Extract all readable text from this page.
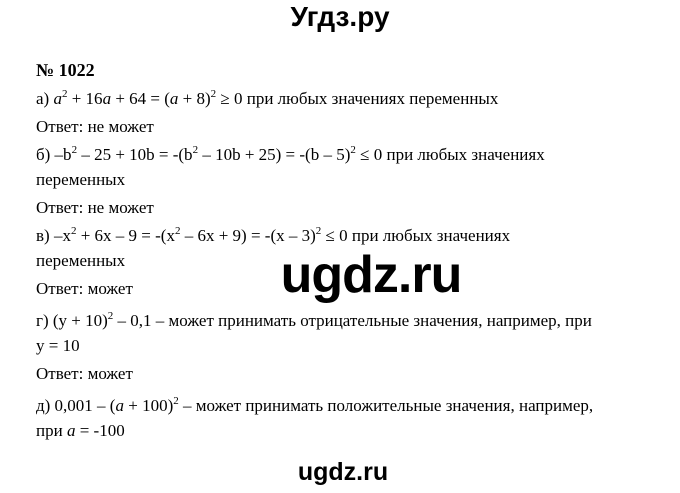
Угдз.ру
№ 1022
а) $a^2 + 16a + 64 = (a + 8)^2 \ge 0$ при любых значениях переменных
Ответ: не может
б) $-b^2 - 25 + 10b = -(b^2 - 10b + 25) = -(b - 5)^2 \le 0$ при любых значениях
переменных
Ответ: не может
в) $-x^2 + 6x - 9 = -(x^2 - 6x + 9) = -(x - 3)^2 \le 0$ при любых значениях
переменных
Ответ: может
г) $(y + 10)^2 - 0,1$ – может принимать отрицательные значения, например, при
y = 10
Ответ: может
д) $0,001 - (a + 100)^2$ – может принимать положительные значения, например,
при a = -100
ugdz.ru
ugdz.ru
